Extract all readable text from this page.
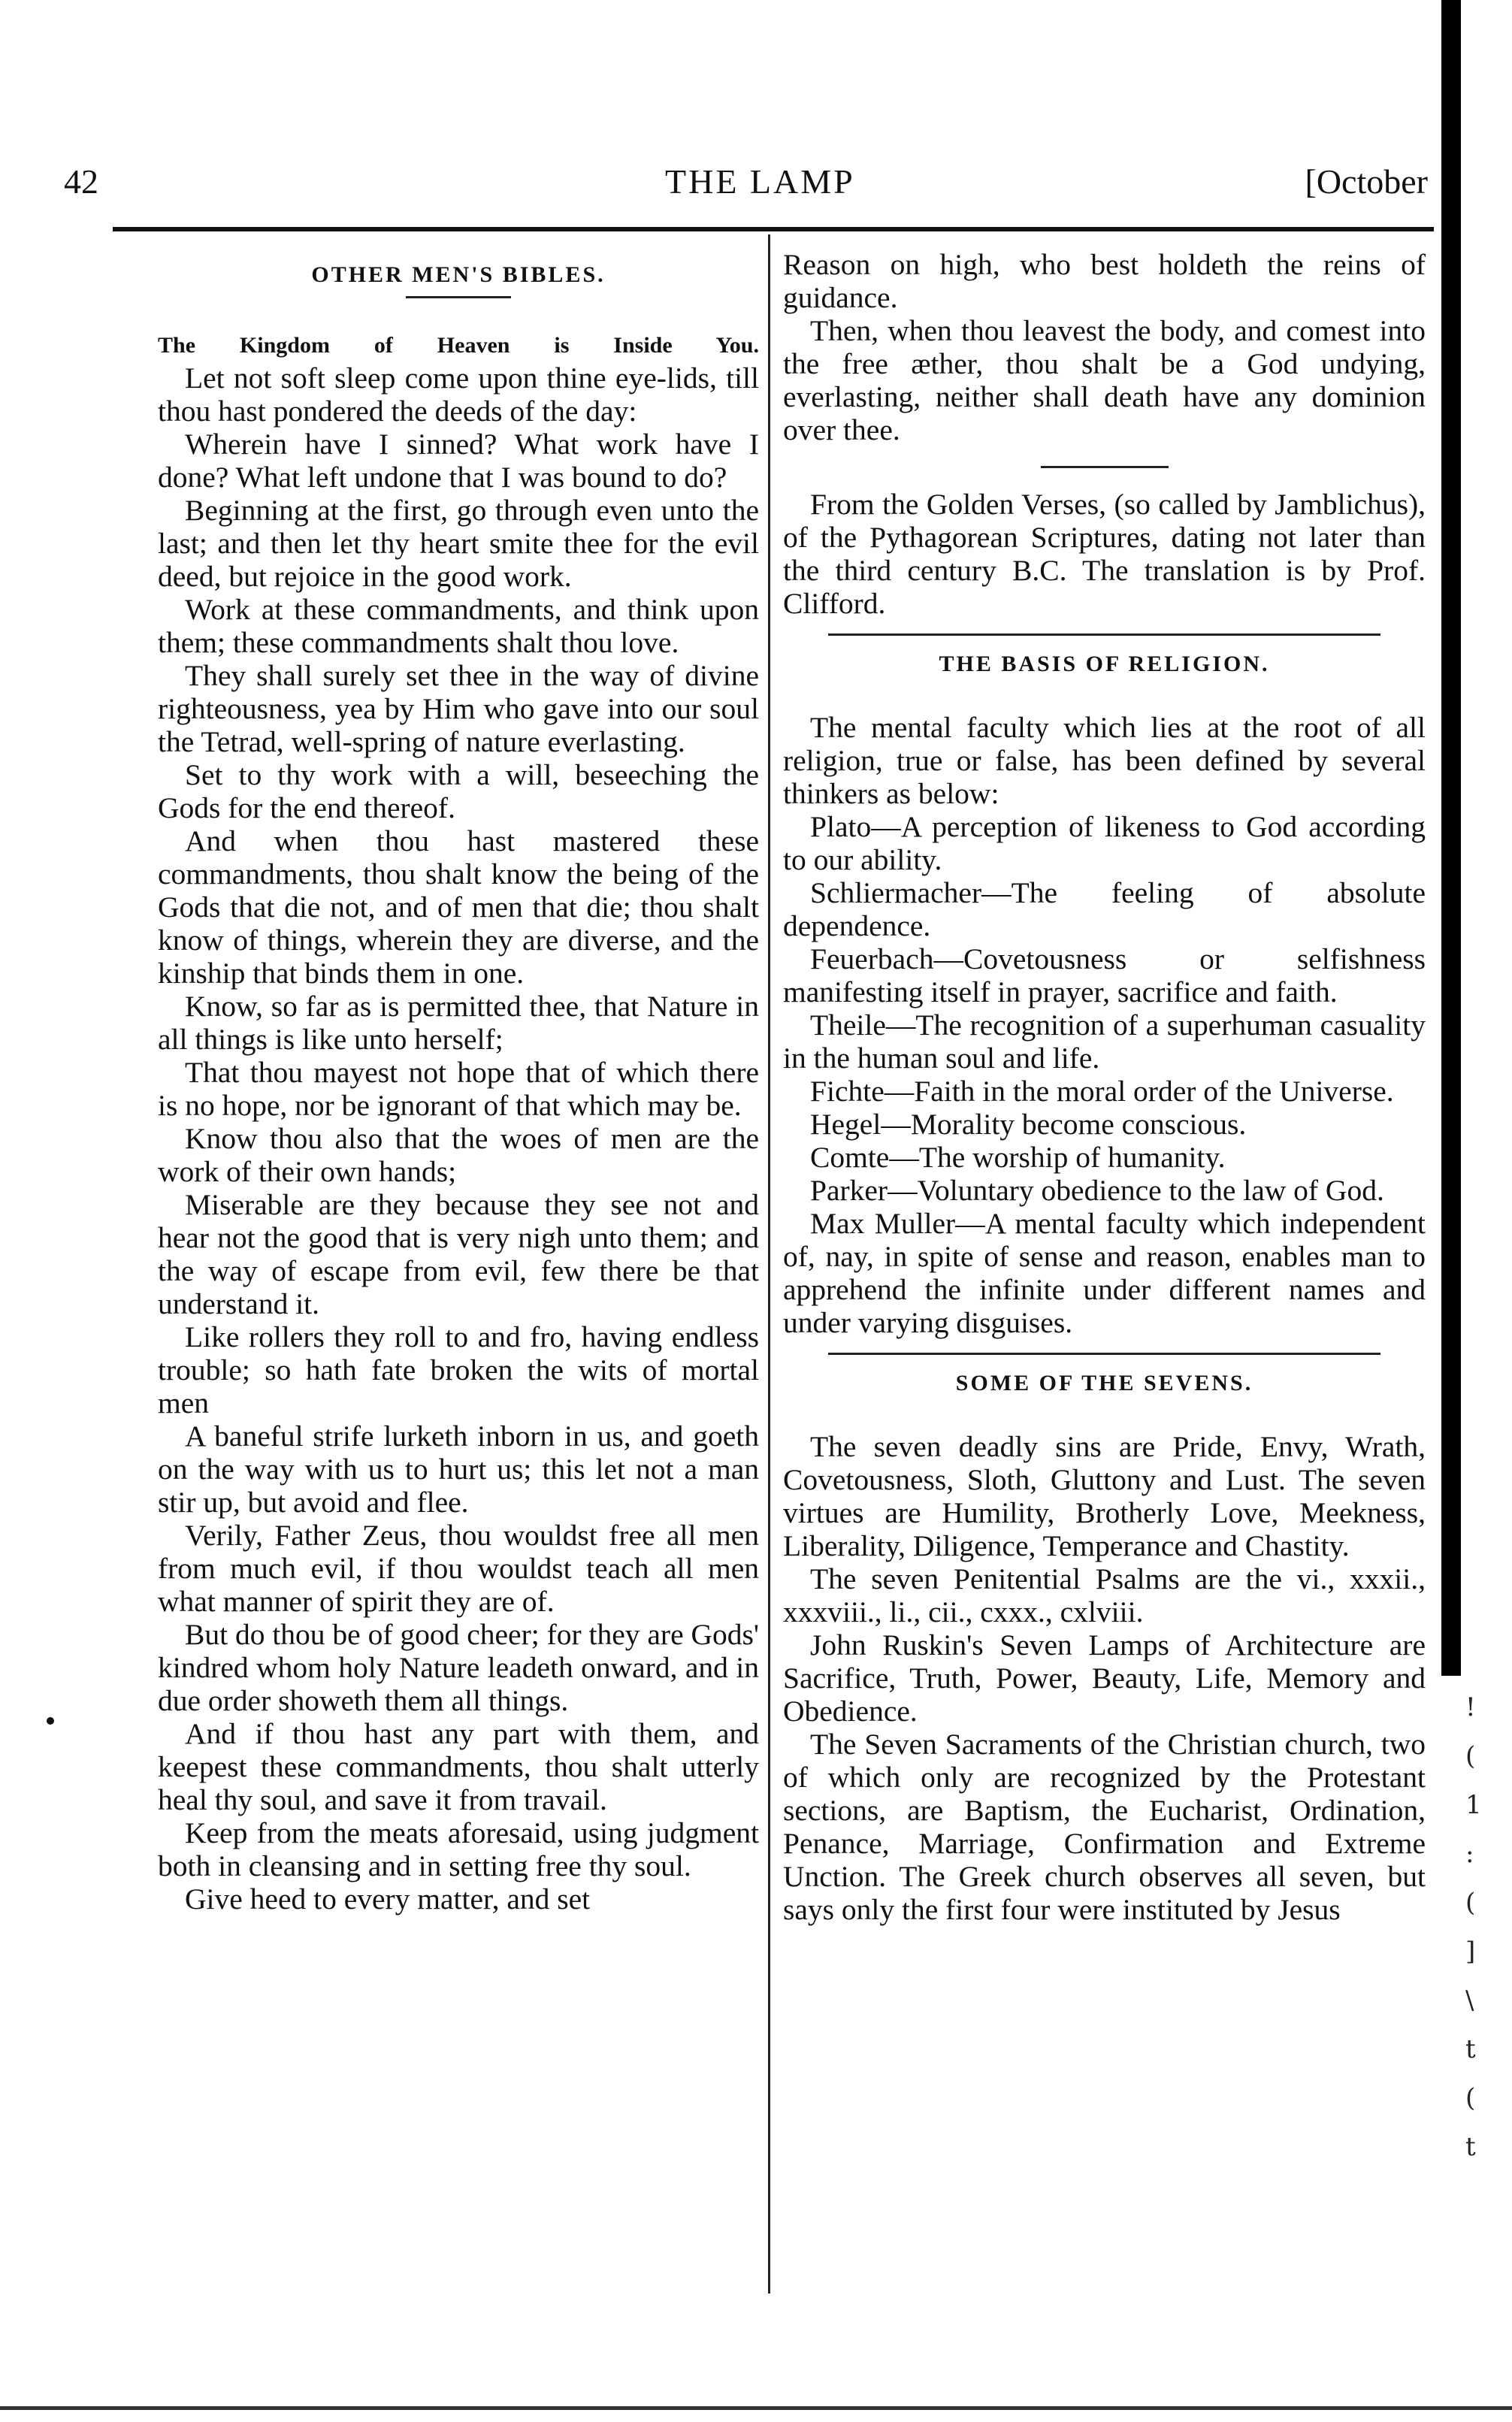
42	THE LAMP	[October
OTHER MEN'S BIBLES.
The Kingdom of Heaven is Inside You.

Let not soft sleep come upon thine eye-lids, till thou hast pondered the deeds of the day:

Wherein have I sinned? What work have I done? What left undone that I was bound to do?

Beginning at the first, go through even unto the last; and then let thy heart smite thee for the evil deed, but rejoice in the good work.

Work at these commandments, and think upon them; these commandments shalt thou love.

They shall surely set thee in the way of divine righteousness, yea by Him who gave into our soul the Tetrad, well-spring of nature everlasting.

Set to thy work with a will, beseeching the Gods for the end thereof.

And when thou hast mastered these commandments, thou shalt know the being of the Gods that die not, and of men that die; thou shalt know of things, wherein they are diverse, and the kinship that binds them in one.

Know, so far as is permitted thee, that Nature in all things is like unto herself;

That thou mayest not hope that of which there is no hope, nor be ignorant of that which may be.

Know thou also that the woes of men are the work of their own hands;

Miserable are they because they see not and hear not the good that is very nigh unto them; and the way of escape from evil, few there be that understand it.

Like rollers they roll to and fro, having endless trouble; so hath fate broken the wits of mortal men

A baneful strife lurketh inborn in us, and goeth on the way with us to hurt us; this let not a man stir up, but avoid and flee.

Verily, Father Zeus, thou wouldst free all men from much evil, if thou wouldst teach all men what manner of spirit they are of.

But do thou be of good cheer; for they are Gods' kindred whom holy Nature leadeth onward, and in due order showeth them all things.

And if thou hast any part with them, and keepest these commandments, thou shalt utterly heal thy soul, and save it from travail.

Keep from the meats aforesaid, using judgment both in cleansing and in setting free thy soul.

Give heed to every matter, and set

Reason on high, who best holdeth the reins of guidance.

Then, when thou leavest the body, and comest into the free æther, thou shalt be a God undying, everlasting, neither shall death have any dominion over thee.

From the Golden Verses, (so called by Jamblichus), of the Pythagorean Scriptures, dating not later than the third century B.C. The translation is by Prof. Clifford.

THE BASIS OF RELIGION.

The mental faculty which lies at the root of all religion, true or false, has been defined by several thinkers as below:

Plato—A perception of likeness to God according to our ability.

Schliermacher—The feeling of absolute dependence.

Feuerbach—Covetousness or selfishness manifesting itself in prayer, sacrifice and faith.

Theile—The recognition of a superhuman casuality in the human soul and life.

Fichte—Faith in the moral order of the Universe.

Hegel—Morality become conscious.

Comte—The worship of humanity.

Parker—Voluntary obedience to the law of God.

Max Muller—A mental faculty which independent of, nay, in spite of sense and reason, enables man to apprehend the infinite under different names and under varying disguises.

SOME OF THE SEVENS.

The seven deadly sins are Pride, Envy, Wrath, Covetousness, Sloth, Gluttony and Lust. The seven virtues are Humility, Brotherly Love, Meekness, Liberality, Diligence, Temperance and Chastity.

The seven Penitential Psalms are the vi., xxxii., xxxviii., li., cii., cxxx., cxlviii.

John Ruskin's Seven Lamps of Architecture are Sacrifice, Truth, Power, Beauty, Life, Memory and Obedience.

The Seven Sacraments of the Christian church, two of which only are recognized by the Protestant sections, are Baptism, the Eucharist, Ordination, Penance, Marriage, Confirmation and Extreme Unction. The Greek church observes all seven, but says only the first four were instituted by Jesus

!
(
1
:
(
]
\
t
(
t
